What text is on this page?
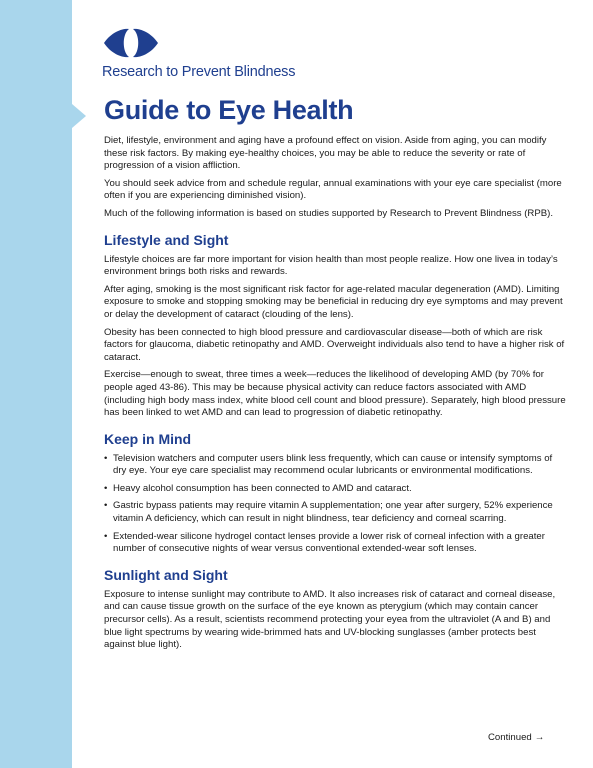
Research to Prevent Blindness
Guide to Eye Health

Diet, lifestyle, environment and aging have a profound effect on vision. Aside from aging, you can modify these risk factors. By making eye-healthy choices, you may be able to reduce the severity or rate of progression of a vision affliction.

You should seek advice from and schedule regular, annual examinations with your eye care specialist (more often if you are experiencing diminished vision).

Much of the following information is based on studies supported by Research to Prevent Blindness (RPB).

Lifestyle and Sight

Lifestyle choices are far more important for vision health than most people realize. How one livea in today’s environment brings both risks and rewards.

After aging, smoking is the most significant risk factor for age-related macular degeneration (AMD). Limiting exposure to smoke and stopping smoking may be beneficial in reducing dry eye symptoms and may prevent or delay the development of cataract (clouding of the lens).

Obesity has been connected to high blood pressure and cardiovascular disease—both of which are risk factors for glaucoma, diabetic retinopathy and AMD. Overweight individuals also tend to have a higher risk of cataract.

Exercise—enough to sweat, three times a week—reduces the likelihood of developing AMD (by 70% for people aged 43-86). This may be because physical activity can reduce factors associated with AMD (including high body mass index, white blood cell count and blood pressure). Separately, high blood pressure has been linked to wet AMD and can lead to progression of diabetic retinopathy.

Keep in Mind
• Television watchers and computer users blink less frequently, which can cause or intensify symptoms of dry eye. Your eye care specialist may recommend ocular lubricants or environmental modifications.
• Heavy alcohol consumption has been connected to AMD and cataract.
• Gastric bypass patients may require vitamin A supplementation; one year after surgery, 52% experience vitamin A deficiency, which can result in night blindness, tear deficiency and corneal scarring.
• Extended-wear silicone hydrogel contact lenses provide a lower risk of corneal infection with a greater number of consecutive nights of wear versus conventional extended-wear soft lenses.
Sunlight and Sight

Exposure to intense sunlight may contribute to AMD. It also increases risk of cataract and corneal disease, and can cause tissue growth on the surface of the eye known as pterygium (which may contain cancer precursor cells). As a result, scientists recommend protecting your eyea from the ultraviolet (A and B) and blue light spectrums by wearing wide-brimmed hats and UV-blocking sunglasses (amber protects best against blue light).

Continued →
